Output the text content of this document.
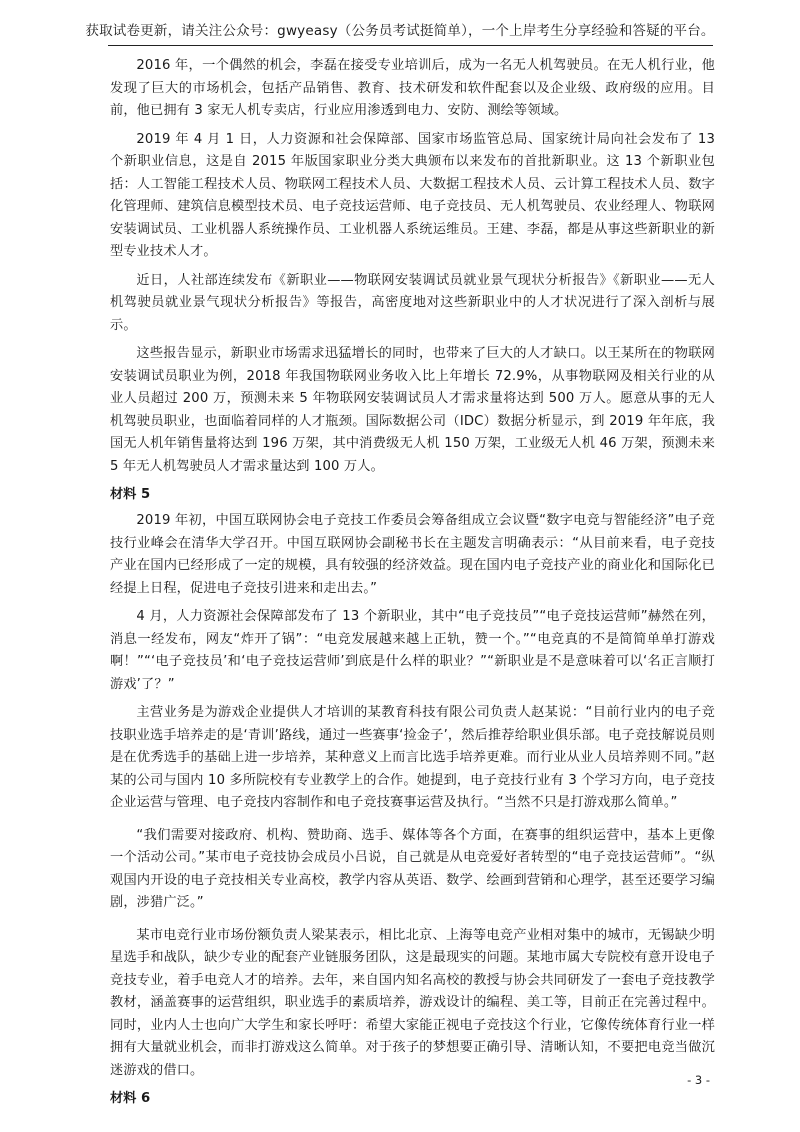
获取试卷更新，请关注公众号：gwyeasy（公务员考试挺简单），一个上岸考生分享经验和答疑的平台。

2016 年，一个偶然的机会，李磊在接受专业培训后，成为一名无人机驾驶员。在无人机行业，他发现了巨大的市场机会，包括产品销售、教育、技术研发和软件配套以及企业级、政府级的应用。目前，他已拥有 3 家无人机专卖店，行业应用渗透到电力、安防、测绘等领域。

2019 年 4 月 1 日，人力资源和社会保障部、国家市场监管总局、国家统计局向社会发布了 13 个新职业信息，这是自 2015 年版国家职业分类大典颁布以来发布的首批新职业。这 13 个新职业包括：人工智能工程技术人员、物联网工程技术人员、大数据工程技术人员、云计算工程技术人员、数字化管理师、建筑信息模型技术员、电子竞技运营师、电子竞技员、无人机驾驶员、农业经理人、物联网安装调试员、工业机器人系统操作员、工业机器人系统运维员。王建、李磊，都是从事这些新职业的新型专业技术人才。

近日，人社部连续发布《新职业——物联网安装调试员就业景气现状分析报告》《新职业——无人机驾驶员就业景气现状分析报告》等报告，高密度地对这些新职业中的人才状况进行了深入剖析与展示。

这些报告显示，新职业市场需求迅猛增长的同时，也带来了巨大的人才缺口。以王某所在的物联网安装调试员职业为例，2018 年我国物联网业务收入比上年增长 72.9%，从事物联网及相关行业的从业人员超过 200 万，预测未来 5 年物联网安装调试员人才需求量将达到 500 万人。愿意从事的无人机驾驶员职业，也面临着同样的人才瓶颈。国际数据公司（IDC）数据分析显示，到 2019 年年底，我国无人机年销售量将达到 196 万架，其中消费级无人机 150 万架，工业级无人机 46 万架，预测未来 5 年无人机驾驶员人才需求量达到 100 万人。

材料 5

2019 年初，中国互联网协会电子竞技工作委员会筹备组成立会议暨“数字电竞与智能经济”电子竞技行业峰会在清华大学召开。中国互联网协会副秘书长在主题发言明确表示：“从目前来看，电子竞技产业在国内已经形成了一定的规模，具有较强的经济效益。现在国内电子竞技产业的商业化和国际化已经提上日程，促进电子竞技引进来和走出去。”

4 月，人力资源社会保障部发布了 13 个新职业，其中“电子竞技员”“电子竞技运营师”赫然在列，消息一经发布，网友“炸开了锅”：“电竞发展越来越上正轨，赞一个。”“电竞真的不是简简单单打游戏啊！”“‘电子竞技员’和‘电子竞技运营师’到底是什么样的职业？”“新职业是不是意味着可以‘名正言顺打游戏’了？”

主营业务是为游戏企业提供人才培训的某教育科技有限公司负责人赵某说：“目前行业内的电子竞技职业选手培养走的是‘青训’路线，通过一些赛事‘捡金子’，然后推荐给职业俱乐部。电子竞技解说员则是在优秀选手的基础上进一步培养，某种意义上而言比选手培养更难。而行业从业人员培养则不同。”赵某的公司与国内 10 多所院校有专业教学上的合作。她提到，电子竞技行业有 3 个学习方向，电子竞技企业运营与管理、电子竞技内容制作和电子竞技赛事运营及执行。“当然不只是打游戏那么简单。”

“我们需要对接政府、机构、赞助商、选手、媒体等各个方面，在赛事的组织运营中，基本上更像一个活动公司。”某市电子竞技协会成员小吕说，自己就是从电竞爱好者转型的“电子竞技运营师”。“纵观国内开设的电子竞技相关专业高校，教学内容从英语、数学、绘画到营销和心理学，甚至还要学习编剧，涉猎广泛。”

某市电竞行业市场份额负责人梁某表示，相比北京、上海等电竞产业相对集中的城市，无锡缺少明星选手和战队，缺少专业的配套产业链服务团队，这是最现实的问题。某地市属大专院校有意开设电子竞技专业，着手电竞人才的培养。去年，来自国内知名高校的教授与协会共同研发了一套电子竞技教学教材，涵盖赛事的运营组织，职业选手的素质培养，游戏设计的编程、美工等，目前正在完善过程中。同时，业内人士也向广大学生和家长呼吁：希望大家能正视电子竞技这个行业，它像传统体育行业一样拥有大量就业机会，而非打游戏这么简单。对于孩子的梦想要正确引导、清晰认知，不要把电竞当做沉迷游戏的借口。

材料 6
- 3 -
